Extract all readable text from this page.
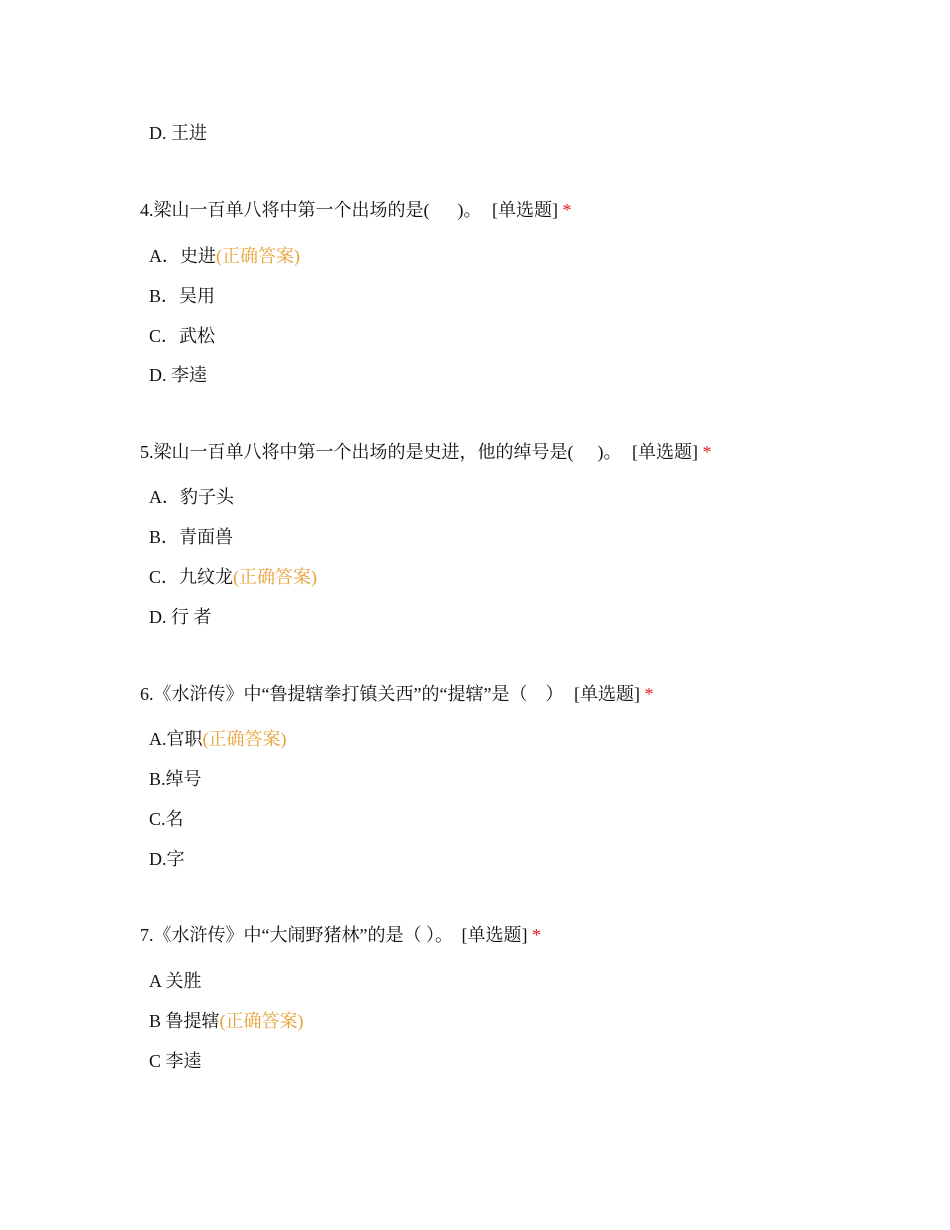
D. 王进
4.梁山一百单八将中第一个出场的是( )。 [单选题] *
A．史进(正确答案)
B．吴用
C．武松
D. 李逵
5.梁山一百单八将中第一个出场的是史进，他的绰号是( )。 [单选题] *
A．豹子头
B．青面兽
C．九纹龙(正确答案)
D. 行 者
6.《水浒传》中“鲁提辖拳打镇关西”的“提辖”是（ ） [单选题] *
A.官职(正确答案)
B.绰号
C.名
D.字
7.《水浒传》中“大闹野猪林”的是（ ）。 [单选题] *
A 关胜
B 鲁提辖(正确答案)
C 李逵
